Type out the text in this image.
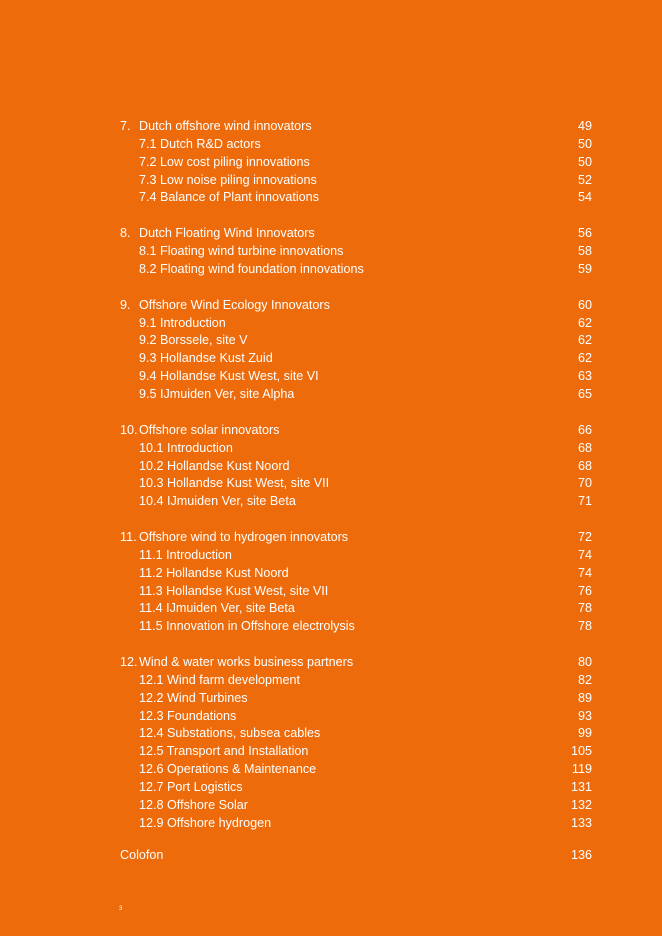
7. Dutch offshore wind innovators	49
7.1 Dutch R&D actors	50
7.2 Low cost piling innovations	50
7.3 Low noise piling innovations	52
7.4 Balance of Plant innovations	54
8. Dutch Floating Wind Innovators	56
8.1 Floating wind turbine innovations	58
8.2 Floating wind foundation innovations	59
9. Offshore Wind Ecology Innovators	60
9.1 Introduction	62
9.2 Borssele, site V	62
9.3 Hollandse Kust Zuid	62
9.4 Hollandse Kust West, site VI	63
9.5 IJmuiden Ver, site Alpha	65
10. Offshore solar innovators	66
10.1 Introduction	68
10.2 Hollandse Kust Noord	68
10.3 Hollandse Kust West, site VII	70
10.4 IJmuiden Ver, site Beta	71
11. Offshore wind to hydrogen innovators	72
11.1 Introduction	74
11.2 Hollandse Kust Noord	74
11.3 Hollandse Kust West, site VII	76
11.4 IJmuiden Ver, site Beta	78
11.5 Innovation in Offshore electrolysis	78
12. Wind & water works business partners	80
12.1 Wind farm development	82
12.2 Wind Turbines	89
12.3 Foundations	93
12.4 Substations, subsea cables	99
12.5 Transport and Installation	105
12.6 Operations & Maintenance	119
12.7 Port Logistics	131
12.8 Offshore Solar	132
12.9 Offshore hydrogen	133
Colofon	136
3
